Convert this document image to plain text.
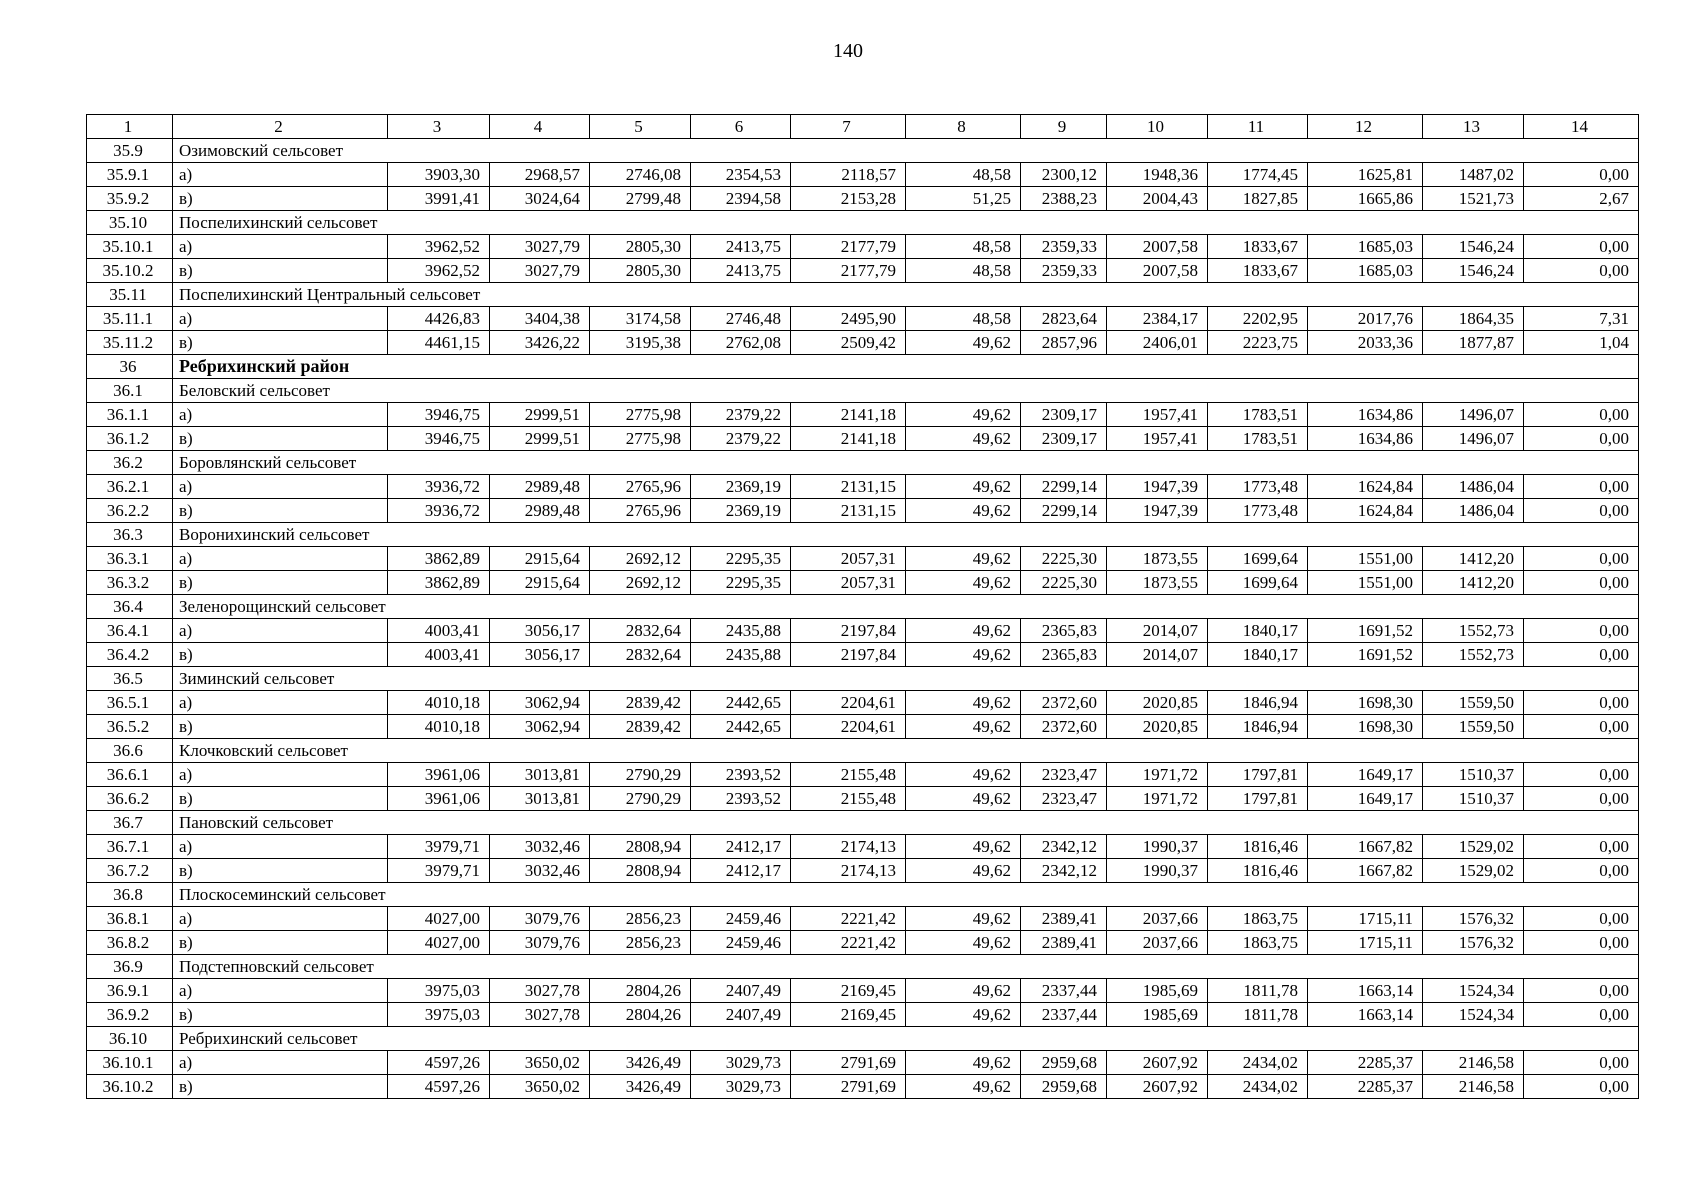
140
1	2	3	4	5	6	7	8	9	10	11	12	13	14
35.9	Озимовский сельсовет												
35.9.1	а)	3903,30	2968,57	2746,08	2354,53	2118,57	48,58	2300,12	1948,36	1774,45	1625,81	1487,02	0,00
35.9.2	в)	3991,41	3024,64	2799,48	2394,58	2153,28	51,25	2388,23	2004,43	1827,85	1665,86	1521,73	2,67
35.10	Поспелихинский сельсовет												
35.10.1	а)	3962,52	3027,79	2805,30	2413,75	2177,79	48,58	2359,33	2007,58	1833,67	1685,03	1546,24	0,00
35.10.2	в)	3962,52	3027,79	2805,30	2413,75	2177,79	48,58	2359,33	2007,58	1833,67	1685,03	1546,24	0,00
35.11	Поспелихинский Центральный сельсовет												
35.11.1	а)	4426,83	3404,38	3174,58	2746,48	2495,90	48,58	2823,64	2384,17	2202,95	2017,76	1864,35	7,31
35.11.2	в)	4461,15	3426,22	3195,38	2762,08	2509,42	49,62	2857,96	2406,01	2223,75	2033,36	1877,87	1,04
36	Ребрихинский район												
36.1	Беловский сельсовет												
36.1.1	а)	3946,75	2999,51	2775,98	2379,22	2141,18	49,62	2309,17	1957,41	1783,51	1634,86	1496,07	0,00
36.1.2	в)	3946,75	2999,51	2775,98	2379,22	2141,18	49,62	2309,17	1957,41	1783,51	1634,86	1496,07	0,00
36.2	Боровлянский сельсовет												
36.2.1	а)	3936,72	2989,48	2765,96	2369,19	2131,15	49,62	2299,14	1947,39	1773,48	1624,84	1486,04	0,00
36.2.2	в)	3936,72	2989,48	2765,96	2369,19	2131,15	49,62	2299,14	1947,39	1773,48	1624,84	1486,04	0,00
36.3	Воронихинский сельсовет												
36.3.1	а)	3862,89	2915,64	2692,12	2295,35	2057,31	49,62	2225,30	1873,55	1699,64	1551,00	1412,20	0,00
36.3.2	в)	3862,89	2915,64	2692,12	2295,35	2057,31	49,62	2225,30	1873,55	1699,64	1551,00	1412,20	0,00
36.4	Зеленорощинский сельсовет												
36.4.1	а)	4003,41	3056,17	2832,64	2435,88	2197,84	49,62	2365,83	2014,07	1840,17	1691,52	1552,73	0,00
36.4.2	в)	4003,41	3056,17	2832,64	2435,88	2197,84	49,62	2365,83	2014,07	1840,17	1691,52	1552,73	0,00
36.5	Зиминский сельсовет												
36.5.1	а)	4010,18	3062,94	2839,42	2442,65	2204,61	49,62	2372,60	2020,85	1846,94	1698,30	1559,50	0,00
36.5.2	в)	4010,18	3062,94	2839,42	2442,65	2204,61	49,62	2372,60	2020,85	1846,94	1698,30	1559,50	0,00
36.6	Клочковский сельсовет												
36.6.1	а)	3961,06	3013,81	2790,29	2393,52	2155,48	49,62	2323,47	1971,72	1797,81	1649,17	1510,37	0,00
36.6.2	в)	3961,06	3013,81	2790,29	2393,52	2155,48	49,62	2323,47	1971,72	1797,81	1649,17	1510,37	0,00
36.7	Пановский сельсовет												
36.7.1	а)	3979,71	3032,46	2808,94	2412,17	2174,13	49,62	2342,12	1990,37	1816,46	1667,82	1529,02	0,00
36.7.2	в)	3979,71	3032,46	2808,94	2412,17	2174,13	49,62	2342,12	1990,37	1816,46	1667,82	1529,02	0,00
36.8	Плоскосеминский сельсовет												
36.8.1	а)	4027,00	3079,76	2856,23	2459,46	2221,42	49,62	2389,41	2037,66	1863,75	1715,11	1576,32	0,00
36.8.2	в)	4027,00	3079,76	2856,23	2459,46	2221,42	49,62	2389,41	2037,66	1863,75	1715,11	1576,32	0,00
36.9	Подстепновский сельсовет												
36.9.1	а)	3975,03	3027,78	2804,26	2407,49	2169,45	49,62	2337,44	1985,69	1811,78	1663,14	1524,34	0,00
36.9.2	в)	3975,03	3027,78	2804,26	2407,49	2169,45	49,62	2337,44	1985,69	1811,78	1663,14	1524,34	0,00
36.10	Ребрихинский сельсовет												
36.10.1	а)	4597,26	3650,02	3426,49	3029,73	2791,69	49,62	2959,68	2607,92	2434,02	2285,37	2146,58	0,00
36.10.2	в)	4597,26	3650,02	3426,49	3029,73	2791,69	49,62	2959,68	2607,92	2434,02	2285,37	2146,58	0,00
